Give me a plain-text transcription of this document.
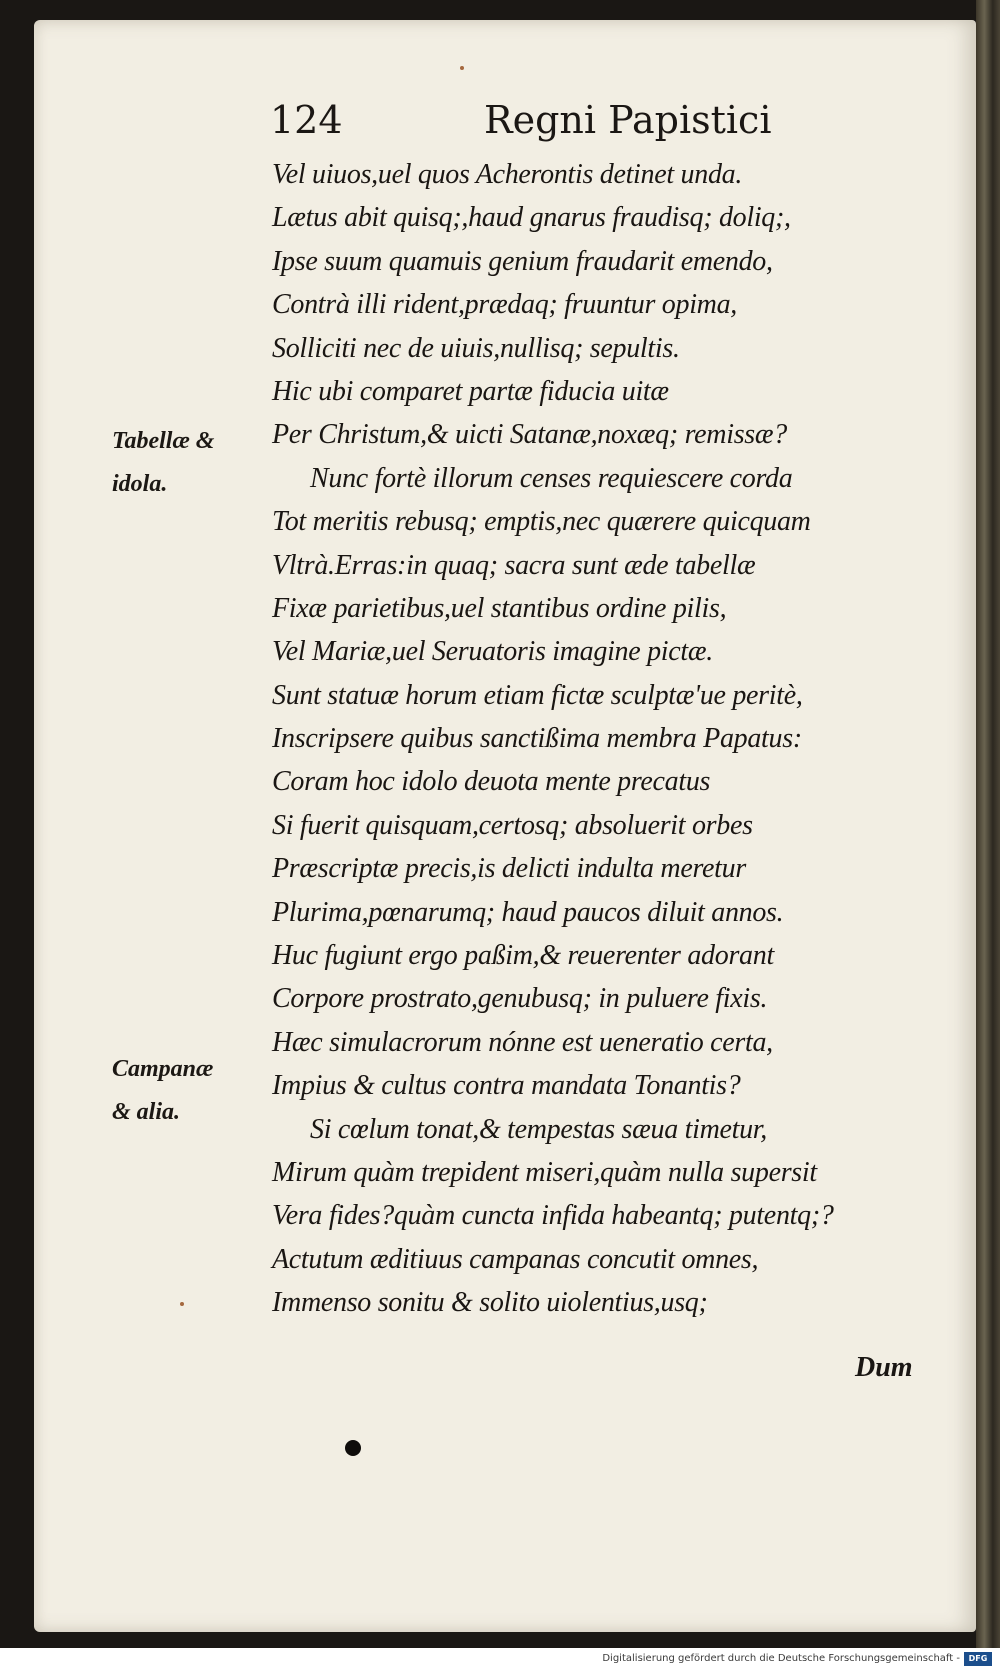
124	Regni Papistici
Tabellæ &
idola.
Campanæ
& alia.
Vel uiuos,uel quos Acherontis detinet unda.
Lætus abit quisq;,haud gnarus fraudisq; doliq;,
Ipse suum quamuis genium fraudarit emendo,
Contrà illi rident,prædaq; fruuntur opima,
Solliciti nec de uiuis,nullisq; sepultis.
Hic ubi comparet partæ fiducia uitæ
Per Christum,& uicti Satanæ,noxæq; remissæ?
Nunc fortè illorum censes requiescere corda
Tot meritis rebusq; emptis,nec quærere quicquam
Vltrà.Erras:in quaq; sacra sunt æde tabellæ
Fixæ parietibus,uel stantibus ordine pilis,
Vel Mariæ,uel Seruatoris imagine pictæ.
Sunt statuæ horum etiam fictæ sculptæ'ue peritè,
Inscripsere quibus sanctißima membra Papatus:
Coram hoc idolo deuota mente precatus
Si fuerit quisquam,certosq; absoluerit orbes
Præscriptæ precis,is delicti indulta meretur
Plurima,pœnarumq; haud paucos diluit annos.
Huc fugiunt ergo paßim,& reuerenter adorant
Corpore prostrato,genubusq; in puluere fixis.
Hæc simulacrorum nónne est ueneratio certa,
Impius & cultus contra mandata Tonantis?
Si cœlum tonat,& tempestas sæua timetur,
Mirum quàm trepident miseri,quàm nulla supersit
Vera fides?quàm cuncta infida habeantq; putentq;?
Actutum æditiuus campanas concutit omnes,
Immenso sonitu & solito uiolentius,usq;
Dum
Digitalisierung gefördert durch die Deutsche Forschungsgemeinschaft -	DFG
